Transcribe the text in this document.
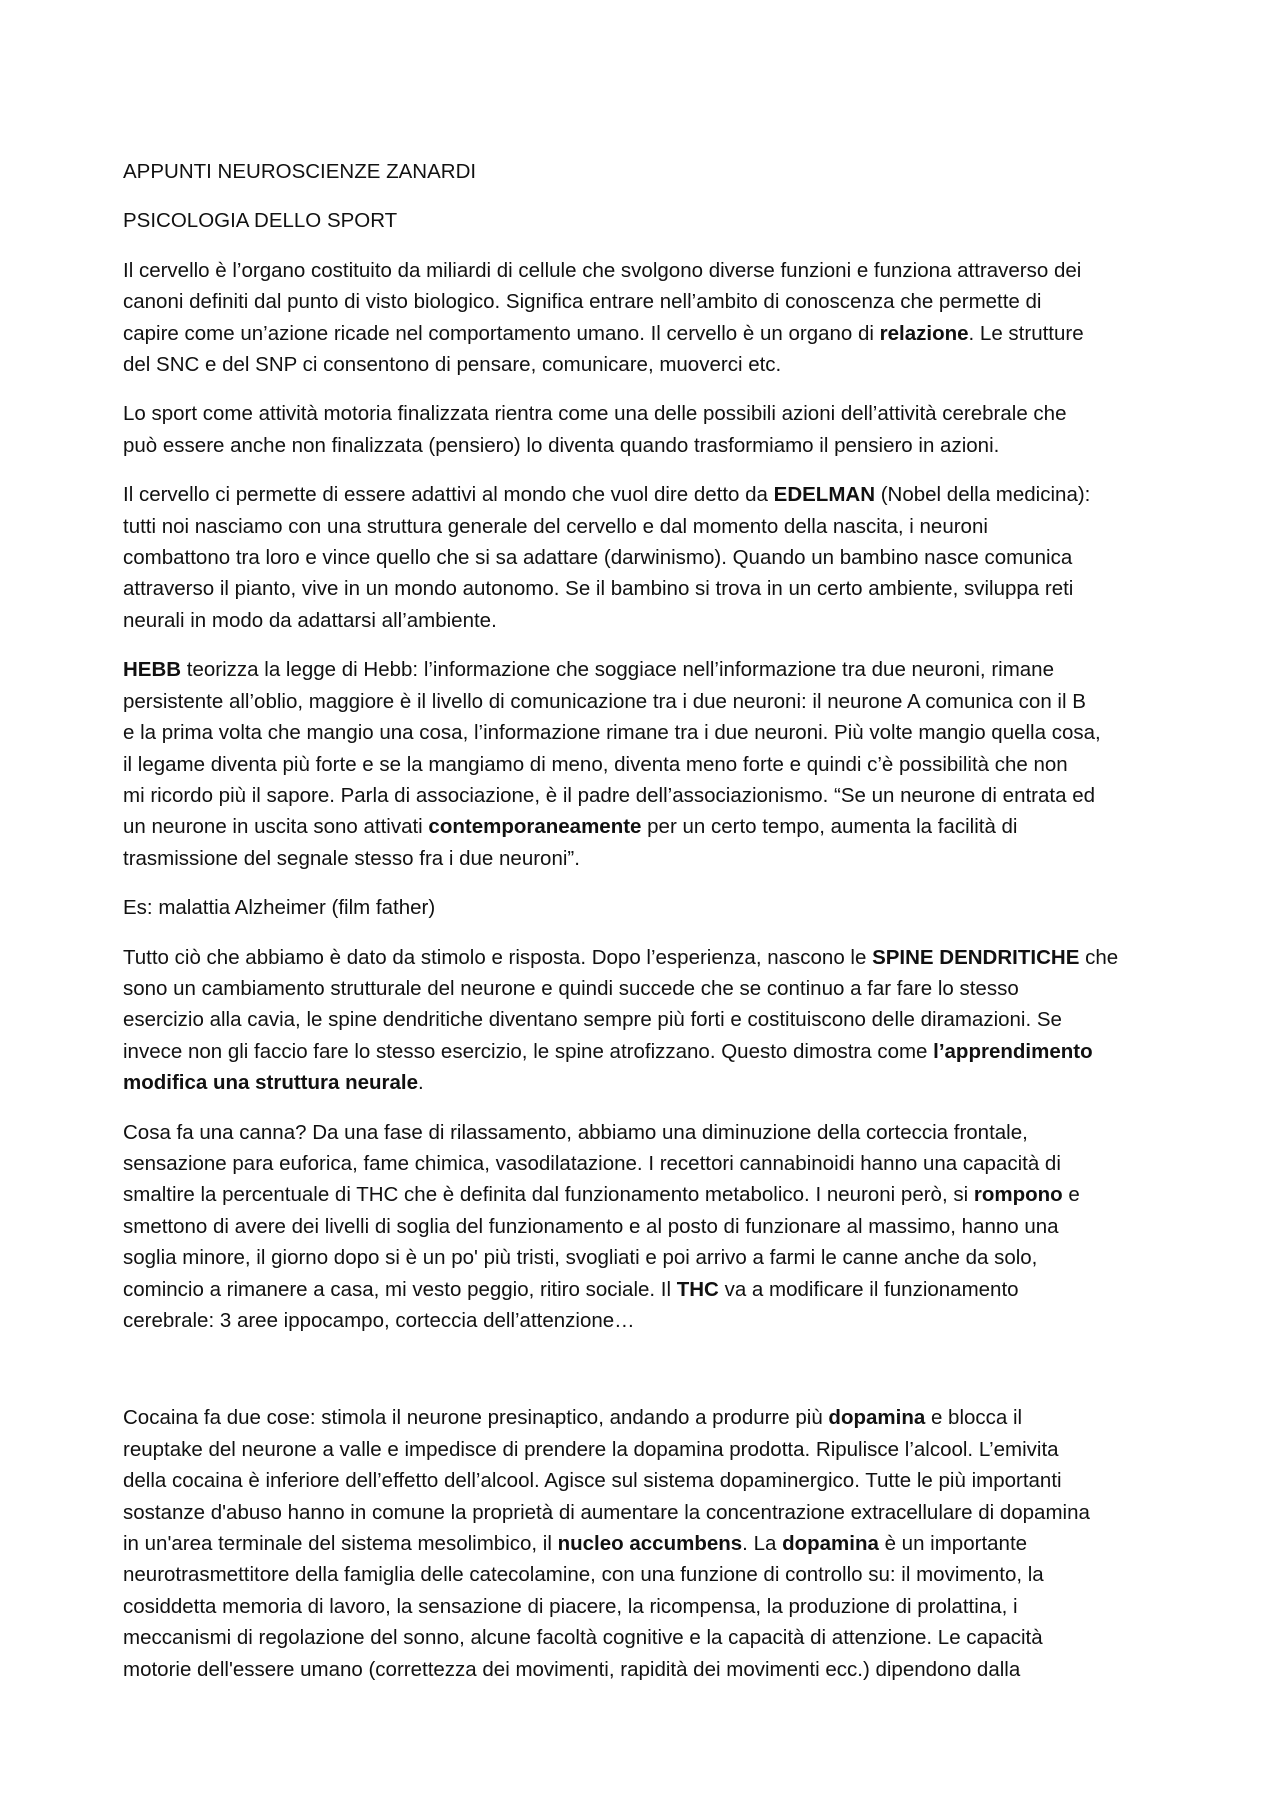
APPUNTI NEUROSCIENZE ZANARDI

PSICOLOGIA DELLO SPORT

Il cervello è l’organo costituito da miliardi di cellule che svolgono diverse funzioni e funziona attraverso dei

canoni definiti dal punto di visto biologico. Significa entrare nell’ambito di conoscenza che permette di

capire come un’azione ricade nel comportamento umano. Il cervello è un organo di relazione. Le strutture

del SNC e del SNP ci consentono di pensare, comunicare, muoverci etc.

Lo sport come attività motoria finalizzata rientra come una delle possibili azioni dell’attività cerebrale che

può essere anche non finalizzata (pensiero) lo diventa quando trasformiamo il pensiero in azioni.

Il cervello ci permette di essere adattivi al mondo che vuol dire detto da EDELMAN (Nobel della medicina):

tutti noi nasciamo con una struttura generale del cervello e dal momento della nascita, i neuroni

combattono tra loro e vince quello che si sa adattare (darwinismo). Quando un bambino nasce comunica

attraverso il pianto, vive in un mondo autonomo. Se il bambino si trova in un certo ambiente, sviluppa reti

neurali in modo da adattarsi all’ambiente.

HEBB teorizza la legge di Hebb: l’informazione che soggiace nell’informazione tra due neuroni, rimane

persistente all’oblio, maggiore è il livello di comunicazione tra i due neuroni: il neurone A comunica con il B

e la prima volta che mangio una cosa, l’informazione rimane tra i due neuroni. Più volte mangio quella cosa,

il legame diventa più forte e se la mangiamo di meno, diventa meno forte e quindi c’è possibilità che non

mi ricordo più il sapore. Parla di associazione, è il padre dell’associazionismo. “Se un neurone di entrata ed

un neurone in uscita sono attivati contemporaneamente per un certo tempo, aumenta la facilità di

trasmissione del segnale stesso fra i due neuroni”.

Es: malattia Alzheimer (film father)

Tutto ciò che abbiamo è dato da stimolo e risposta. Dopo l’esperienza, nascono le SPINE DENDRITICHE che

sono un cambiamento strutturale del neurone e quindi succede che se continuo a far fare lo stesso

esercizio alla cavia, le spine dendritiche diventano sempre più forti e costituiscono delle diramazioni. Se

invece non gli faccio fare lo stesso esercizio, le spine atrofizzano. Questo dimostra come l’apprendimento

modifica una struttura neurale.

Cosa fa una canna? Da una fase di rilassamento, abbiamo una diminuzione della corteccia frontale,

sensazione para euforica, fame chimica, vasodilatazione. I recettori cannabinoidi hanno una capacità di

smaltire la percentuale di THC che è definita dal funzionamento metabolico. I neuroni però, si rompono e

smettono di avere dei livelli di soglia del funzionamento e al posto di funzionare al massimo, hanno una

soglia minore, il giorno dopo si è un po' più tristi, svogliati e poi arrivo a farmi le canne anche da solo,

comincio a rimanere a casa, mi vesto peggio, ritiro sociale. Il THC va a modificare il funzionamento

cerebrale: 3 aree ippocampo, corteccia dell’attenzione…

Cocaina fa due cose: stimola il neurone presinaptico, andando a produrre più dopamina e blocca il

reuptake del neurone a valle e impedisce di prendere la dopamina prodotta. Ripulisce l’alcool. L’emivita

della cocaina è inferiore dell’effetto dell’alcool. Agisce sul sistema dopaminergico. Tutte le più importanti

sostanze d'abuso hanno in comune la proprietà di aumentare la concentrazione extracellulare di dopamina

in un'area terminale del sistema mesolimbico, il nucleo accumbens. La dopamina è un importante

neurotrasmettitore della famiglia delle catecolamine, con una funzione di controllo su: il movimento, la

cosiddetta memoria di lavoro, la sensazione di piacere, la ricompensa, la produzione di prolattina, i

meccanismi di regolazione del sonno, alcune facoltà cognitive e la capacità di attenzione. Le capacità

motorie dell'essere umano (correttezza dei movimenti, rapidità dei movimenti ecc.) dipendono dalla
